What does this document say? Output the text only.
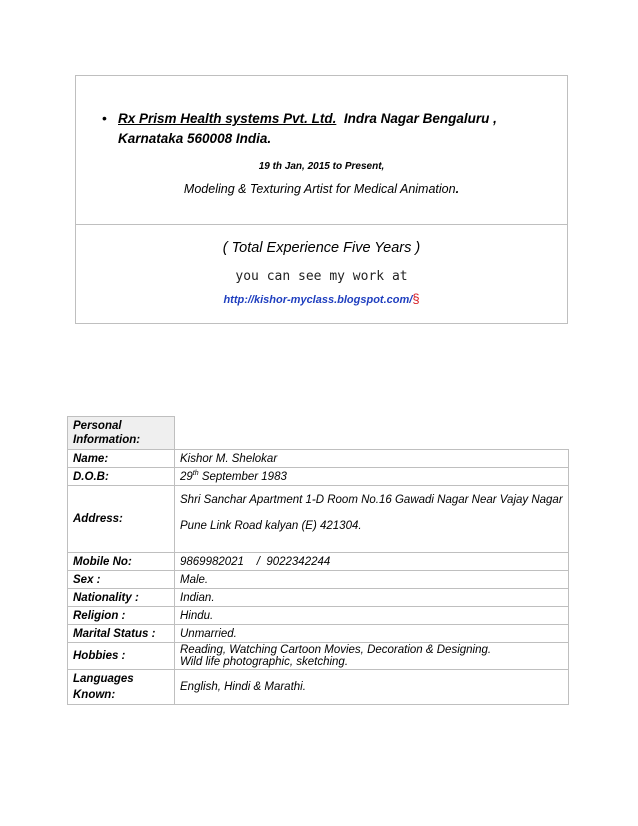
• Rx Prism Health systems Pvt. Ltd. Indra Nagar Bengaluru , Karnataka 560008 India.
19 th Jan, 2015 to Present,
Modeling & Texturing Artist for Medical Animation.
( Total Experience Five Years )
you can see my work at
http://kishor-myclass.blogspot.com/§
Personal Information:	
Name:	Kishor M. Shelokar
D.O.B:	29th September 1983
Address:	Shri Sanchar Apartment 1-D Room No.16 Gawadi Nagar Near Vajay Nagar
Pune Link Road kalyan (E) 421304.

Mobile No:	9869982021    /  9022342244
Sex :	Male.
Nationality :	Indian.
Religion :	Hindu.
Marital Status :	Unmarried.
Hobbies :	Reading, Watching Cartoon Movies, Decoration & Designing.
Wild life photographic, sketching.

Languages Known:	English, Hindi & Marathi.
